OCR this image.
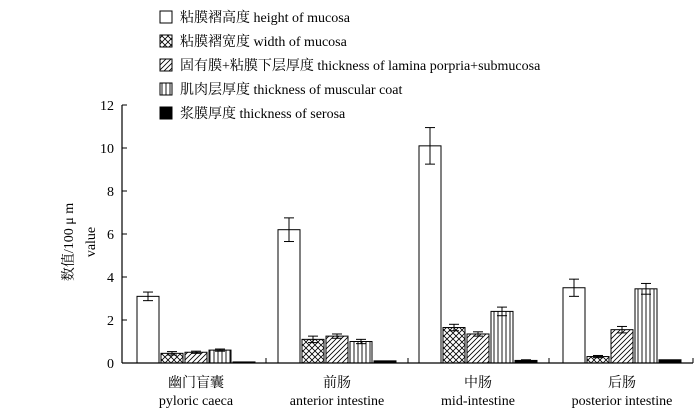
粘膜褶高度 height of mucosa
粘膜褶宽度 width of mucosa
固有膜+粘膜下层厚度 thickness of lamina porpria+submucosa
肌肉层厚度 thickness of muscular coat
浆膜厚度 thickness of serosa
0
2
4
6
8
10
12
数值/100 μ m value
幽门盲囊
pyloric caeca
前肠
anterior intestine
中肠
mid-intestine
后肠
posterior intestine
